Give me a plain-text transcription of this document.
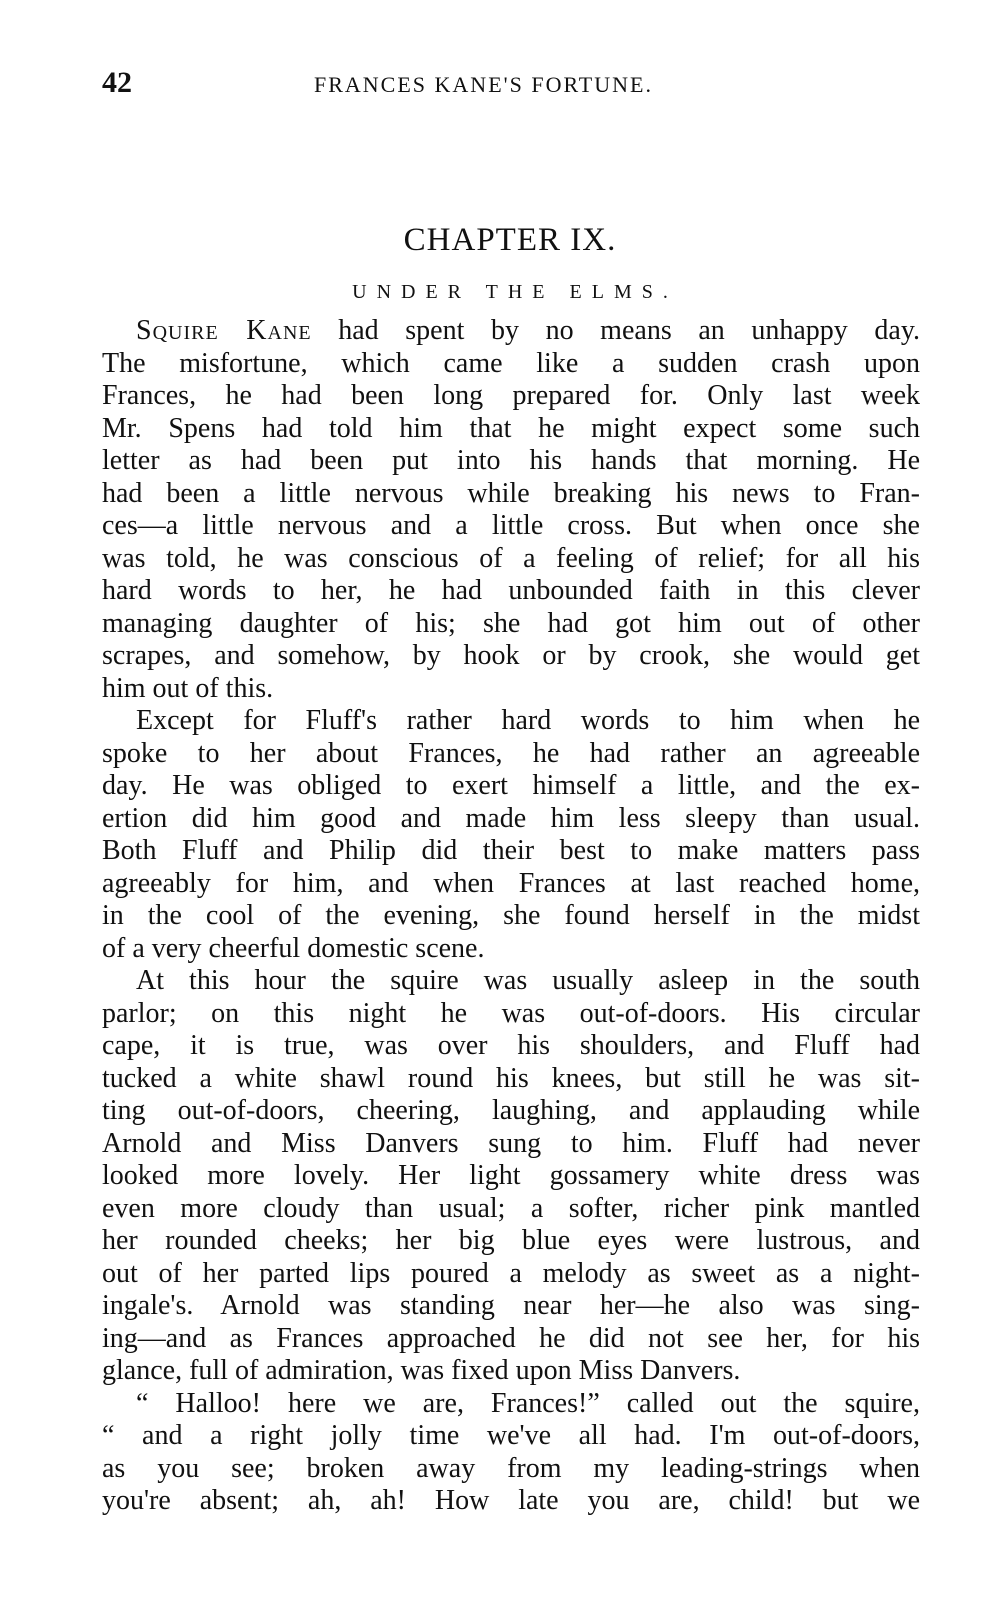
42	FRANCES KANE'S FORTUNE.
CHAPTER IX.
UNDER THE ELMS.
Squire Kane had spent by no means an unhappy day.
The misfortune, which came like a sudden crash upon
Frances, he had been long prepared for. Only last week
Mr. Spens had told him that he might expect some such
letter as had been put into his hands that morning. He
had been a little nervous while breaking his news to Fran-
ces—a little nervous and a little cross. But when once she
was told, he was conscious of a feeling of relief; for all his
hard words to her, he had unbounded faith in this clever
managing daughter of his; she had got him out of other
scrapes, and somehow, by hook or by crook, she would get
him out of this.
Except for Fluff's rather hard words to him when he
spoke to her about Frances, he had rather an agreeable
day. He was obliged to exert himself a little, and the ex-
ertion did him good and made him less sleepy than usual.
Both Fluff and Philip did their best to make matters pass
agreeably for him, and when Frances at last reached home,
in the cool of the evening, she found herself in the midst
of a very cheerful domestic scene.
At this hour the squire was usually asleep in the south
parlor; on this night he was out-of-doors. His circular
cape, it is true, was over his shoulders, and Fluff had
tucked a white shawl round his knees, but still he was sit-
ting out-of-doors, cheering, laughing, and applauding while
Arnold and Miss Danvers sung to him. Fluff had never
looked more lovely. Her light gossamery white dress was
even more cloudy than usual; a softer, richer pink mantled
her rounded cheeks; her big blue eyes were lustrous, and
out of her parted lips poured a melody as sweet as a night-
ingale's. Arnold was standing near her—he also was sing-
ing—and as Frances approached he did not see her, for his
glance, full of admiration, was fixed upon Miss Danvers.
“ Halloo! here we are, Frances!” called out the squire,
“ and a right jolly time we've all had. I'm out-of-doors,
as you see; broken away from my leading-strings when
you're absent; ah, ah! How late you are, child! but we
